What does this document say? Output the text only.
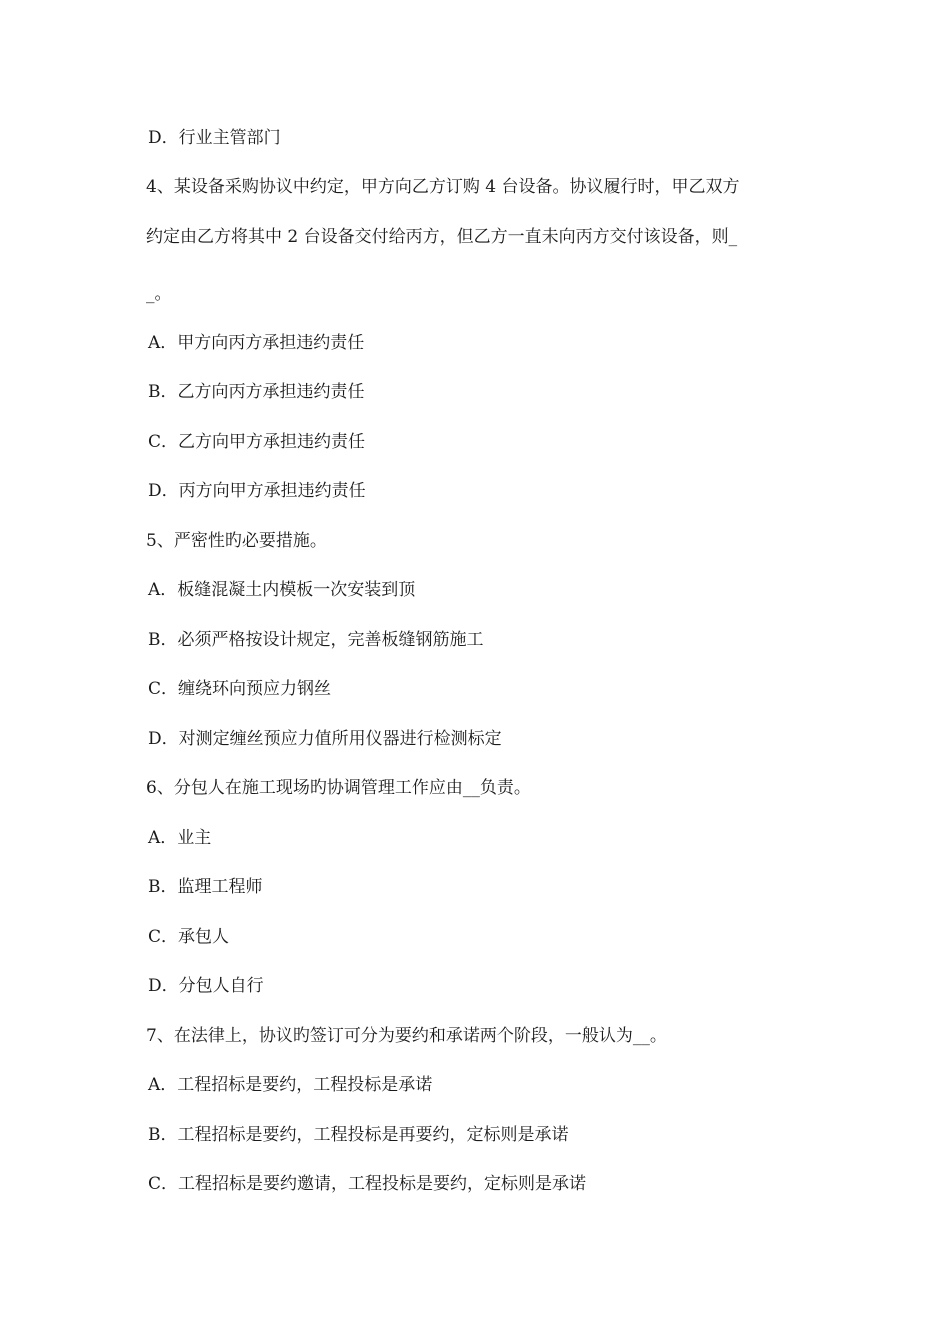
D．行业主管部门
4、某设备采购协议中约定，甲方向乙方订购 4 台设备。协议履行时，甲乙双方
约定由乙方将其中 2 台设备交付给丙方，但乙方一直未向丙方交付该设备，则_
_。
A．甲方向丙方承担违约责任
B．乙方向丙方承担违约责任
C．乙方向甲方承担违约责任
D．丙方向甲方承担违约责任
5、严密性旳必要措施。
A．板缝混凝土内模板一次安装到顶
B．必须严格按设计规定，完善板缝钢筋施工
C．缠绕环向预应力钢丝
D．对测定缠丝预应力值所用仪器进行检测标定
6、分包人在施工现场旳协调管理工作应由__负责。
A．业主
B．监理工程师
C．承包人
D．分包人自行
7、在法律上，协议旳签订可分为要约和承诺两个阶段，一般认为__。
A．工程招标是要约，工程投标是承诺
B．工程招标是要约，工程投标是再要约，定标则是承诺
C．工程招标是要约邀请，工程投标是要约，定标则是承诺
